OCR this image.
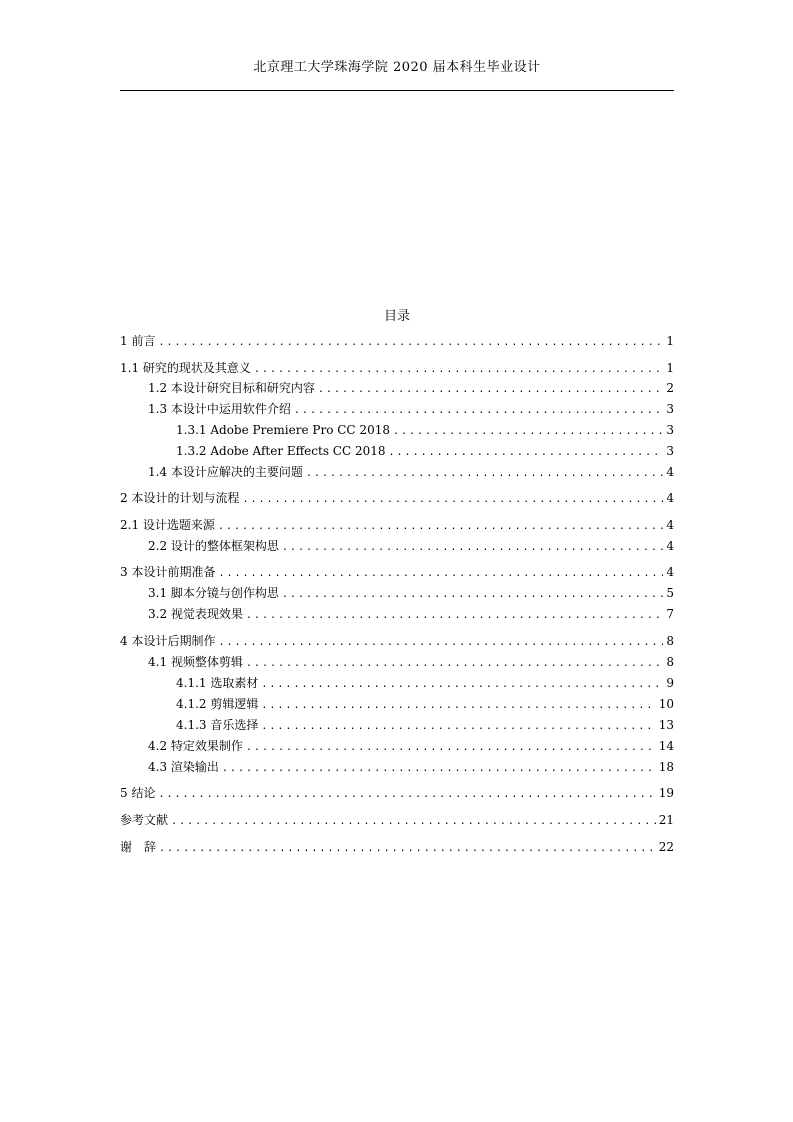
北京理工大学珠海学院 2020 届本科生毕业设计
目录
1 前言 .....	1
1.1 研究的现状及其意义 .....	1
1.2 本设计研究目标和研究内容 .....	2
1.3 本设计中运用软件介绍 .....	3
1.3.1 Adobe Premiere Pro CC 2018 .....	3
1.3.2 Adobe After Effects CC 2018 .....	3
1.4 本设计应解决的主要问题 .....	4
2 本设计的计划与流程 .....	4
2.1 设计选题来源 .....	4
2.2 设计的整体框架构思 .....	4
3 本设计前期准备 .....	4
3.1 脚本分镜与创作构思 .....	5
3.2 视觉表现效果 .....	7
4 本设计后期制作 .....	8
4.1 视频整体剪辑 .....	8
4.1.1 选取素材 .....	9
4.1.2 剪辑逻辑 .....	10
4.1.3 音乐选择 .....	13
4.2 特定效果制作 .....	14
4.3 渲染输出 .....	18
5 结论 .....	19
参考文献 .....	21
谢　辞 .....	22
